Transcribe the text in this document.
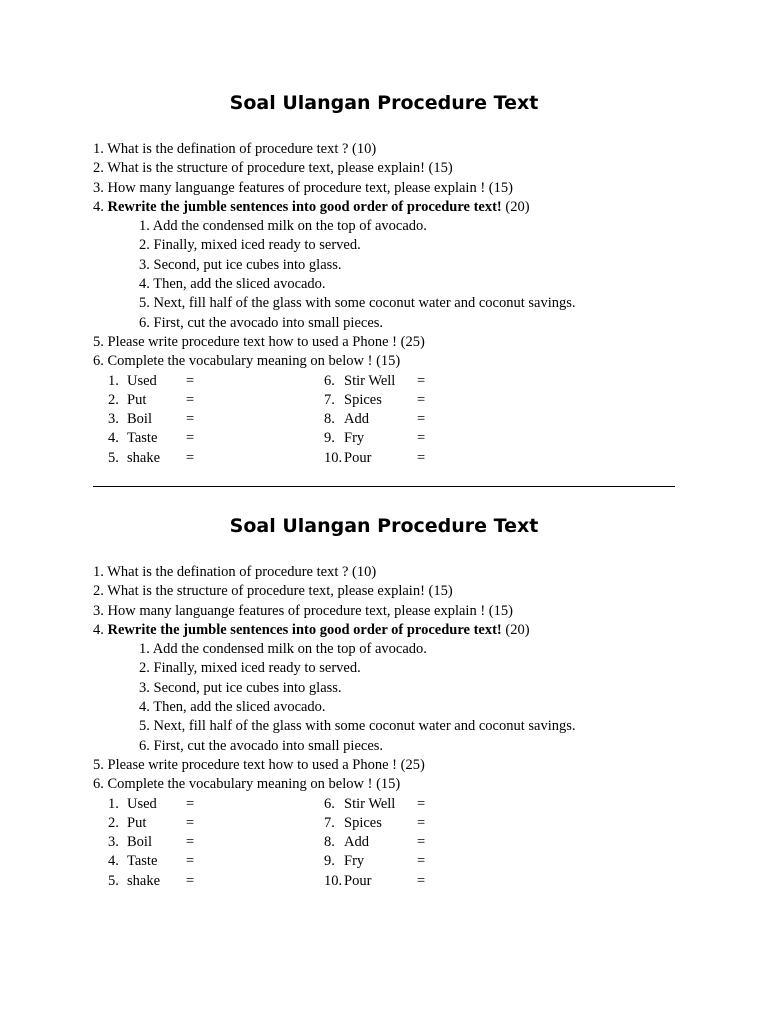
Soal Ulangan Procedure Text
1. What is the defination of procedure text ? (10)
2. What is the structure of procedure text, please explain! (15)
3. How many languange features of procedure text, please explain ! (15)
4. Rewrite the jumble sentences into good order of procedure text! (20)
1. Add the condensed milk on the top of avocado.
2. Finally, mixed iced ready to served.
3. Second, put ice cubes into glass.
4. Then, add the sliced avocado.
5. Next, fill half of the glass with some coconut water and coconut savings.
6. First, cut the avocado into small pieces.
5. Please write procedure text how to used a Phone ! (25)
6. Complete the vocabulary meaning on below ! (15)
1. Used =	6. Stir Well =
2. Put	=	7. Spices =
3. Boil =	8. Add	=
4. Taste =	9. Fry	=
5. shake =	10. Pour	=
Soal Ulangan Procedure Text
1. What is the defination of procedure text ? (10)
2. What is the structure of procedure text, please explain! (15)
3. How many languange features of procedure text, please explain ! (15)
4. Rewrite the jumble sentences into good order of procedure text! (20)
1. Add the condensed milk on the top of avocado.
2. Finally, mixed iced ready to served.
3. Second, put ice cubes into glass.
4. Then, add the sliced avocado.
5. Next, fill half of the glass with some coconut water and coconut savings.
6. First, cut the avocado into small pieces.
5. Please write procedure text how to used a Phone ! (25)
6. Complete the vocabulary meaning on below ! (15)
1. Used =	6. Stir Well =
2. Put	=	7. Spices =
3. Boil =	8. Add	=
4. Taste =	9. Fry	=
5. shake =	10. Pour	=
